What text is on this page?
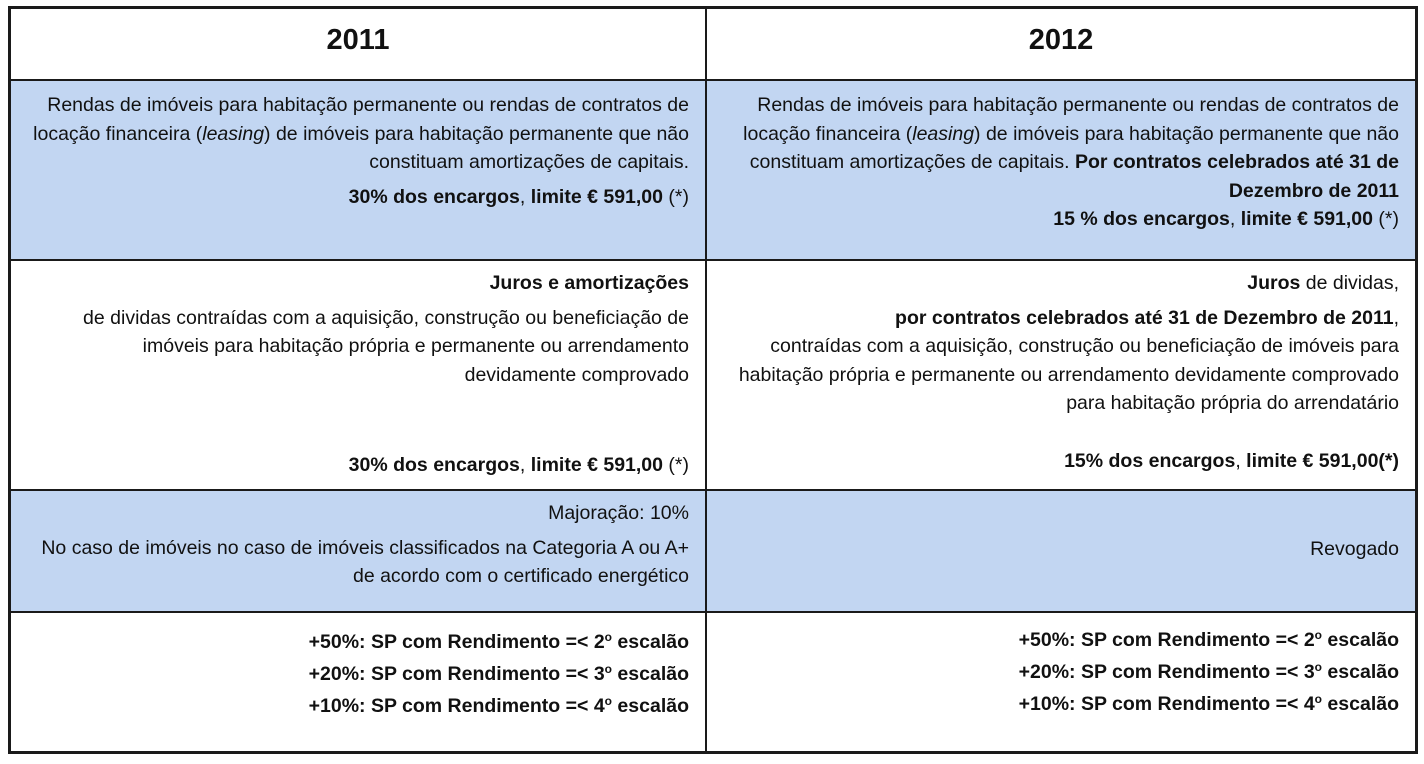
2011	2012
Rendas de imóveis para habitação permanente ou rendas de contratos de locação financeira (leasing) de imóveis para habitação permanente que não constituam amortizações de capitais.
30% dos encargos, limite € 591,00 (*)
Rendas de imóveis para habitação permanente ou rendas de contratos de locação financeira (leasing) de imóveis para habitação permanente que não constituam amortizações de capitais. Por contratos celebrados até 31 de Dezembro de 2011
15 % dos encargos, limite € 591,00 (*)
Juros e amortizações
de dividas contraídas com a aquisição, construção ou beneficiação de imóveis para habitação própria e permanente ou arrendamento devidamente comprovado
30% dos encargos, limite € 591,00 (*)
Juros de dividas,
por contratos celebrados até 31 de Dezembro de 2011,
contraídas com a aquisição, construção ou beneficiação de imóveis para habitação própria e permanente ou arrendamento devidamente comprovado para habitação própria do arrendatário
15% dos encargos, limite € 591,00(*)
Majoração: 10%
No caso de imóveis no caso de imóveis classificados na Categoria A ou A+ de acordo com o certificado energético
Revogado
+50%: SP com Rendimento =< $2^o$ escalão
+20%: SP com Rendimento =< $3^o$ escalão
+10%: SP com Rendimento =< $4^o$ escalão
+50%: SP com Rendimento =< $2^o$ escalão
+20%: SP com Rendimento =< $3^o$ escalão
+10%: SP com Rendimento =< $4^o$ escalão
